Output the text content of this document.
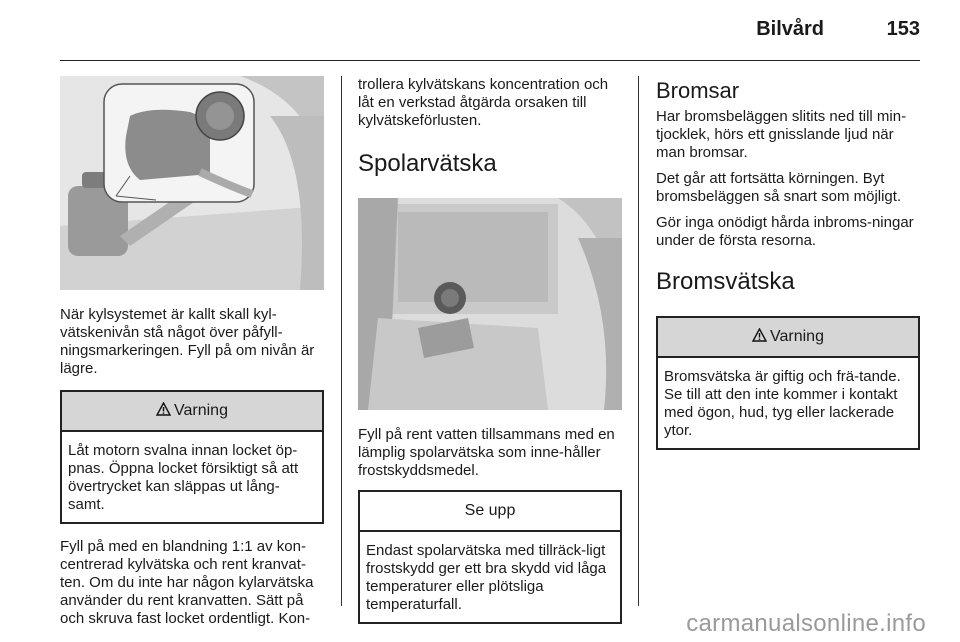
Bilvård	153

När kylsystemet är kallt skall kyl-vätskenivån stå något över påfyll-ningsmarkeringen. Fyll på om nivån är lägre.

Varning
Låt motorn svalna innan locket öp-pnas. Öppna locket försiktigt så att övertrycket kan släppas ut lång-samt.

Fyll på med en blandning 1:1 av kon-centrerad kylvätska och rent kranvat-ten. Om du inte har någon kylarvätska använder du rent kranvatten. Sätt på och skruva fast locket ordentligt. Kon-

trollera kylvätskans koncentration och låt en verkstad åtgärda orsaken till kylvätskeförlusten.

Spolarvätska

Fyll på rent vatten tillsammans med en lämplig spolarvätska som inne-håller frostskyddsmedel.

Se upp
Endast spolarvätska med tillräck-ligt frostskydd ger ett bra skydd vid låga temperaturer eller plötsliga temperaturfall.
Bromsar

Har bromsbeläggen slitits ned till min-tjocklek, hörs ett gnisslande ljud när man bromsar.

Det går att fortsätta körningen. Byt bromsbeläggen så snart som möjligt.

Gör inga onödigt hårda inbroms-ningar under de första resorna.

Bromsvätska
Varning
Bromsvätska är giftig och frä-tande. Se till att den inte kommer i kontakt med ögon, hud, tyg eller lackerade ytor.
carmanualsonline.info
